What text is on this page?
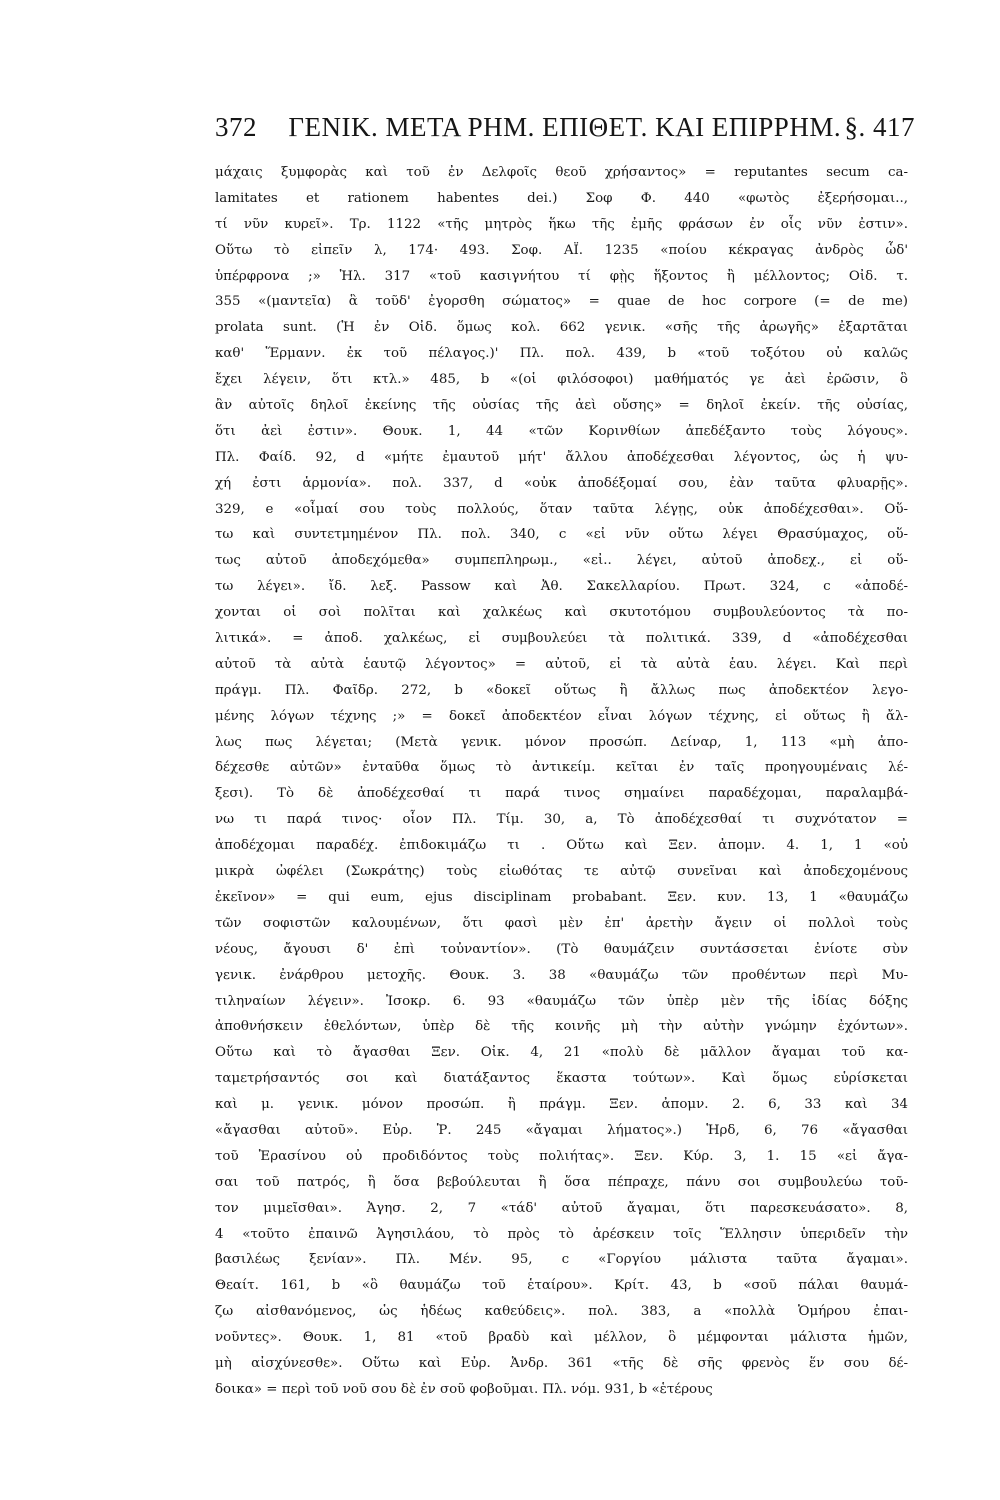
372	ΓΕΝΙΚ. ΜΕΤΑ ΡΗΜ. ΕΠΙΘΕΤ. ΚΑΙ ΕΠΙΡΡΗΜ. §. 417
μάχαις ξυμφορὰς καὶ τοῦ ἐν Δελφοῖς θεοῦ χρήσαντος» = reputantes secum ca-
lamitates et rationem habentes dei.) Σοφ Φ. 440 «φωτὸς ἐξερήσομαι..,
τί νῦν κυρεῖ». Τρ. 1122 «τῆς μητρὸς ἥκω τῆς ἐμῆς φράσων ἐν οἷς νῦν ἐστιν».
Οὕτω τὸ εἰπεῖν λ, 174· 493. Σοφ. ΑΪ. 1235 «ποίου κέκραγας ἀνδρὸς ὧδ'
ὑπέρφρονα ;» Ἠλ. 317 «τοῦ κασιγνήτου τί φῂς ἥξοντος ἢ μέλλοντος; Οἰδ. τ.
355 «(μαντεῖα) ἃ τοῦδ' ἐγορσθη σώματος» = quae de hoc corpore (= de me)
prolata sunt. (Ἡ ἐν Οἰδ. ὅμως κολ. 662 γενικ. «σῆς τῆς ἀρωγῆς» ἐξαρτᾶται
καθ' Ἕρμανν. ἐκ τοῦ πέλαγος.)' Πλ. πολ. 439, b «τοῦ τοξότου οὐ καλῶς
ἔχει λέγειν, ὅτι κτλ.» 485, b «(οἱ φιλόσοφοι) μαθήματός γε ἀεὶ ἐρῶσιν, ὃ
ἂν αὐτοῖς δηλοῖ ἐκείνης τῆς οὐσίας τῆς ἀεὶ οὔσης» = δηλοῖ ἐκείν. τῆς οὐσίας,
ὅτι ἀεὶ ἐστιν». Θουκ. 1, 44 «τῶν Κορινθίων ἀπεδέξαντο τοὺς λόγους».
Πλ. Φαίδ. 92, d «μήτε ἐμαυτοῦ μήτ' ἄλλου ἀποδέχεσθαι λέγοντος, ὡς ἡ ψυ-
χή ἐστι ἁρμονία». πολ. 337, d «οὐκ ἀποδέξομαί σου, ἐὰν ταῦτα φλυαρῇς».
329, e «οἶμαί σου τοὺς πολλούς, ὅταν ταῦτα λέγῃς, οὐκ ἀποδέχεσθαι». Οὕ-
τω καὶ συντετμημένον Πλ. πολ. 340, c «εἰ νῦν οὕτω λέγει Θρασύμαχος, οὕ-
τως αὐτοῦ ἀποδεχόμεθα» συμπεπληρωμ., «εἰ.. λέγει, αὐτοῦ ἀποδεχ., εἰ οὕ-
τω λέγει». ἴδ. λεξ. Passow καὶ Ἀθ. Σακελλαρίου. Πρωτ. 324, c «ἀποδέ-
χονται οἱ σοὶ πολῖται καὶ χαλκέως καὶ σκυτοτόμου συμβουλεύοντος τὰ πο-
λιτικά». = ἀποδ. χαλκέως, εἰ συμβουλεύει τὰ πολιτικά. 339, d «ἀποδέχεσθαι
αὐτοῦ τὰ αὐτὰ ἑαυτῷ λέγοντος» = αὐτοῦ, εἰ τὰ αὐτὰ ἑαυ. λέγει. Καὶ περὶ
πράγμ. Πλ. Φαῖδρ. 272, b «δοκεῖ οὕτως ἢ ἄλλως πως ἀποδεκτέον λεγο-
μένης λόγων τέχνης ;» = δοκεῖ ἀποδεκτέον εἶναι λόγων τέχνης, εἰ οὕτως ἢ ἄλ-
λως πως λέγεται; (Μετὰ γενικ. μόνον προσώπ. Δείναρ, 1, 113 «μὴ ἀπο-
δέχεσθε αὐτῶν» ἐνταῦθα ὅμως τὸ ἀντικείμ. κεῖται ἐν ταῖς προηγουμέναις λέ-
ξεσι). Τὸ δὲ ἀποδέχεσθαί τι παρά τινος σημαίνει παραδέχομαι, παραλαμβά-
νω τι παρά τινος· οἷον Πλ. Τίμ. 30, a, Τὸ ἀποδέχεσθαί τι συχνότατον =
ἀποδέχομαι παραδέχ. ἐπιδοκιμάζω τι . Οὕτω καὶ Ξεν. ἀπομν. 4. 1, 1 «οὐ
μικρὰ ὠφέλει (Σωκράτης) τοὺς εἰωθότας τε αὐτῷ συνεῖναι καὶ ἀποδεχομένους
ἐκεῖνον» = qui eum, ejus disciplinam probabant. Ξεν. κυν. 13, 1 «θαυμάζω
τῶν σοφιστῶν καλουμένων, ὅτι φασὶ μὲν ἐπ' ἀρετὴν ἄγειν οἱ πολλοὶ τοὺς
νέους, ἄγουσι δ' ἐπὶ τοὐναντίον». (Τὸ θαυμάζειν συντάσσεται ἐνίοτε σὺν
γενικ. ἐνάρθρου μετοχῆς. Θουκ. 3. 38 «θαυμάζω τῶν προθέντων περὶ Μυ-
τιληναίων λέγειν». Ἰσοκρ. 6. 93 «θαυμάζω τῶν ὑπὲρ μὲν τῆς ἰδίας δόξης
ἀποθνήσκειν ἐθελόντων, ὑπὲρ δὲ τῆς κοινῆς μὴ τὴν αὐτὴν γνώμην ἐχόντων».
Οὕτω καὶ τὸ ἄγασθαι Ξεν. Οἰκ. 4, 21 «πολὺ δὲ μᾶλλον ἄγαμαι τοῦ κα-
ταμετρήσαντός σοι καὶ διατάξαντος ἕκαστα τούτων». Καὶ ὅμως εὑρίσκεται
καὶ μ. γενικ. μόνον προσώπ. ἢ πράγμ. Ξεν. ἀπομν. 2. 6, 33 καὶ 34
«ἄγασθαι αὐτοῦ». Εὐρ. Ῥ. 245 «ἄγαμαι λήματος».) Ἡρδ, 6, 76 «ἄγασθαι
τοῦ Ἐρασίνου οὐ προδιδόντος τοὺς πολιήτας». Ξεν. Κύρ. 3, 1. 15 «εἰ ἄγα-
σαι τοῦ πατρός, ἢ ὅσα βεβούλευται ἢ ὅσα πέπραχε, πάνυ σοι συμβουλεύω τοῦ-
τον μιμεῖσθαι». Ἀγησ. 2, 7 «τάδ' αὐτοῦ ἄγαμαι, ὅτι παρεσκευάσατο». 8,
4 «τοῦτο ἐπαινῶ Ἀγησιλάου, τὸ πρὸς τὸ ἀρέσκειν τοῖς Ἕλλησιν ὑπεριδεῖν τὴν
βασιλέως ξενίαν». Πλ. Μέν. 95, c «Γοργίου μάλιστα ταῦτα ἄγαμαι».
Θεαίτ. 161, b «ὃ θαυμάζω τοῦ ἑταίρου». Κρίτ. 43, b «σοῦ πάλαι θαυμά-
ζω αἰσθανόμενος, ὡς ἡδέως καθεύδεις». πολ. 383, a «πολλὰ Ὁμήρου ἐπαι-
νοῦντες». Θουκ. 1, 81 «τοῦ βραδὺ καὶ μέλλον, ὃ μέμφονται μάλιστα ἡμῶν,
μὴ αἰσχύνεσθε». Οὕτω καὶ Εὐρ. Ἀνδρ. 361 «τῆς δὲ σῆς φρενὸς ἕν σου δέ-
δοικα» = περὶ τοῦ νοῦ σου δὲ ἐν σοῦ φοβοῦμαι. Πλ. νόμ. 931, b «ἑτέρους
